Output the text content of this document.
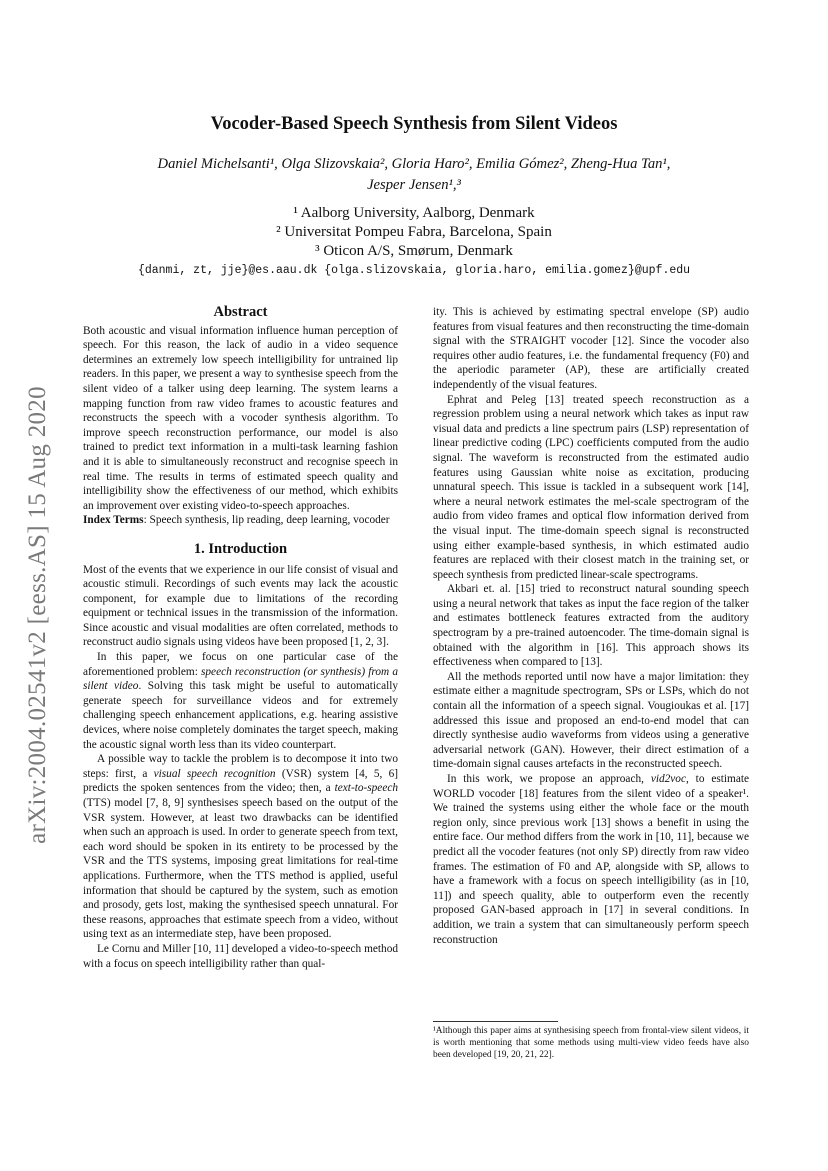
arXiv:2004.02541v2 [eess.AS] 15 Aug 2020
Vocoder-Based Speech Synthesis from Silent Videos
Daniel Michelsanti¹, Olga Slizovskaia², Gloria Haro², Emilia Gómez², Zheng-Hua Tan¹,
Jesper Jensen¹,³
¹ Aalborg University, Aalborg, Denmark
² Universitat Pompeu Fabra, Barcelona, Spain
³ Oticon A/S, Smørum, Denmark
{danmi, zt, jje}@es.aau.dk {olga.slizovskaia, gloria.haro, emilia.gomez}@upf.edu
Abstract

Both acoustic and visual information influence human perception of speech. For this reason, the lack of audio in a video sequence determines an extremely low speech intelligibility for untrained lip readers. In this paper, we present a way to synthesise speech from the silent video of a talker using deep learning. The system learns a mapping function from raw video frames to acoustic features and reconstructs the speech with a vocoder synthesis algorithm. To improve speech reconstruction performance, our model is also trained to predict text information in a multi-task learning fashion and it is able to simultaneously reconstruct and recognise speech in real time. The results in terms of estimated speech quality and intelligibility show the effectiveness of our method, which exhibits an improvement over existing video-to-speech approaches.

Index Terms: Speech synthesis, lip reading, deep learning, vocoder

1. Introduction

Most of the events that we experience in our life consist of visual and acoustic stimuli. Recordings of such events may lack the acoustic component, for example due to limitations of the recording equipment or technical issues in the transmission of the information. Since acoustic and visual modalities are often correlated, methods to reconstruct audio signals using videos have been proposed [1, 2, 3].

In this paper, we focus on one particular case of the aforementioned problem: speech reconstruction (or synthesis) from a silent video. Solving this task might be useful to automatically generate speech for surveillance videos and for extremely challenging speech enhancement applications, e.g. hearing assistive devices, where noise completely dominates the target speech, making the acoustic signal worth less than its video counterpart.

A possible way to tackle the problem is to decompose it into two steps: first, a visual speech recognition (VSR) system [4, 5, 6] predicts the spoken sentences from the video; then, a text-to-speech (TTS) model [7, 8, 9] synthesises speech based on the output of the VSR system. However, at least two drawbacks can be identified when such an approach is used. In order to generate speech from text, each word should be spoken in its entirety to be processed by the VSR and the TTS systems, imposing great limitations for real-time applications. Furthermore, when the TTS method is applied, useful information that should be captured by the system, such as emotion and prosody, gets lost, making the synthesised speech unnatural. For these reasons, approaches that estimate speech from a video, without using text as an intermediate step, have been proposed.

Le Cornu and Miller [10, 11] developed a video-to-speech method with a focus on speech intelligibility rather than qual-

ity. This is achieved by estimating spectral envelope (SP) audio features from visual features and then reconstructing the time-domain signal with the STRAIGHT vocoder [12]. Since the vocoder also requires other audio features, i.e. the fundamental frequency (F0) and the aperiodic parameter (AP), these are artificially created independently of the visual features.

Ephrat and Peleg [13] treated speech reconstruction as a regression problem using a neural network which takes as input raw visual data and predicts a line spectrum pairs (LSP) representation of linear predictive coding (LPC) coefficients computed from the audio signal. The waveform is reconstructed from the estimated audio features using Gaussian white noise as excitation, producing unnatural speech. This issue is tackled in a subsequent work [14], where a neural network estimates the mel-scale spectrogram of the audio from video frames and optical flow information derived from the visual input. The time-domain speech signal is reconstructed using either example-based synthesis, in which estimated audio features are replaced with their closest match in the training set, or speech synthesis from predicted linear-scale spectrograms.

Akbari et. al. [15] tried to reconstruct natural sounding speech using a neural network that takes as input the face region of the talker and estimates bottleneck features extracted from the auditory spectrogram by a pre-trained autoencoder. The time-domain signal is obtained with the algorithm in [16]. This approach shows its effectiveness when compared to [13].

All the methods reported until now have a major limitation: they estimate either a magnitude spectrogram, SPs or LSPs, which do not contain all the information of a speech signal. Vougioukas et al. [17] addressed this issue and proposed an end-to-end model that can directly synthesise audio waveforms from videos using a generative adversarial network (GAN). However, their direct estimation of a time-domain signal causes artefacts in the reconstructed speech.

In this work, we propose an approach, vid2voc, to estimate WORLD vocoder [18] features from the silent video of a speaker¹. We trained the systems using either the whole face or the mouth region only, since previous work [13] shows a benefit in using the entire face. Our method differs from the work in [10, 11], because we predict all the vocoder features (not only SP) directly from raw video frames. The estimation of F0 and AP, alongside with SP, allows to have a framework with a focus on speech intelligibility (as in [10, 11]) and speech quality, able to outperform even the recently proposed GAN-based approach in [17] in several conditions. In addition, we train a system that can simultaneously perform speech reconstruction

¹Although this paper aims at synthesising speech from frontal-view silent videos, it is worth mentioning that some methods using multi-view video feeds have also been developed [19, 20, 21, 22].
